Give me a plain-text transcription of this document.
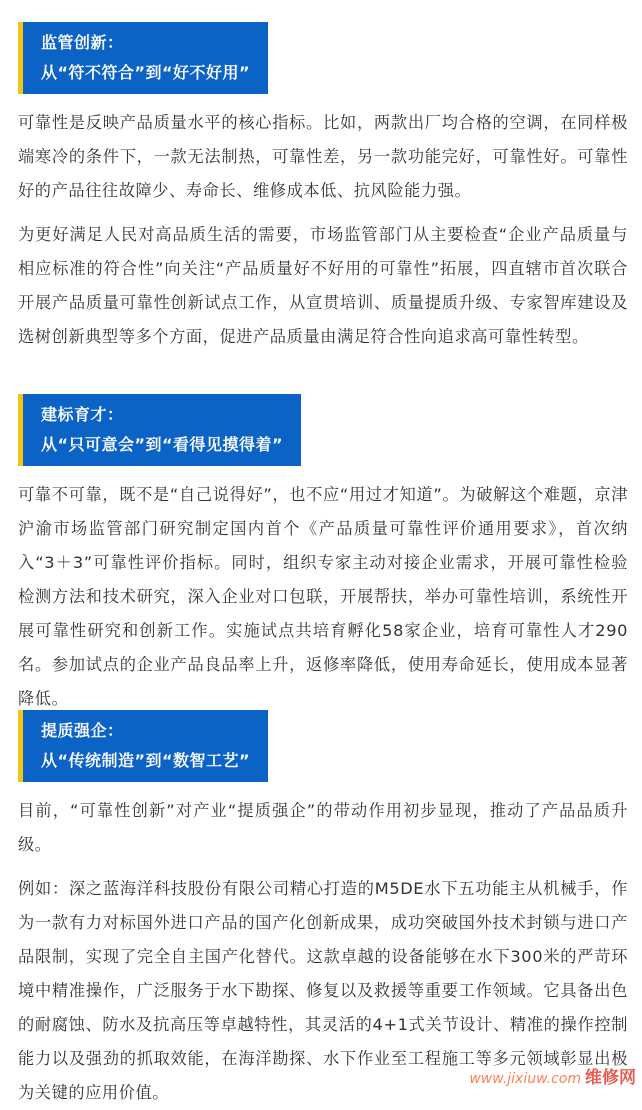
监管创新：
从“符不符合”到“好不好用”

可靠性是反映产品质量水平的核心指标。比如，两款出厂均合格的空调，在同样极端寒冷的条件下，一款无法制热，可靠性差，另一款功能完好，可靠性好。可靠性好的产品往往故障少、寿命长、维修成本低、抗风险能力强。

为更好满足人民对高品质生活的需要，市场监管部门从主要检查“企业产品质量与相应标准的符合性”向关注“产品质量好不好用的可靠性”拓展，四直辖市首次联合开展产品质量可靠性创新试点工作，从宣贯培训、质量提质升级、专家智库建设及选树创新典型等多个方面，促进产品质量由满足符合性向追求高可靠性转型。

建标育才：
从“只可意会”到“看得见摸得着”

可靠不可靠，既不是“自己说得好”，也不应“用过才知道”。为破解这个难题，京津沪渝市场监管部门研究制定国内首个《产品质量可靠性评价通用要求》，首次纳入“3＋3”可靠性评价指标。同时，组织专家主动对接企业需求，开展可靠性检验检测方法和技术研究，深入企业对口包联，开展帮扶，举办可靠性培训，系统性开展可靠性研究和创新工作。实施试点共培育孵化58家企业，培育可靠性人才290名。参加试点的企业产品良品率上升，返修率降低，使用寿命延长，使用成本显著降低。

提质强企：
从“传统制造”到“数智工艺”

目前，“可靠性创新”对产业“提质强企”的带动作用初步显现，推动了产品品质升级。

例如：深之蓝海洋科技股份有限公司精心打造的M5DE水下五功能主从机械手，作为一款有力对标国外进口产品的国产化创新成果，成功突破国外技术封锁与进口产品限制，实现了完全自主国产化替代。这款卓越的设备能够在水下300米的严苛环境中精准操作，广泛服务于水下勘探、修复以及救援等重要工作领域。它具备出色的耐腐蚀、防水及抗高压等卓越特性，其灵活的4+1式关节设计、精准的操作控制能力以及强劲的抓取效能，在海洋勘探、水下作业至工程施工等多元领域彰显出极为关键的应用价值。

www.jixiuw.com 维修网
